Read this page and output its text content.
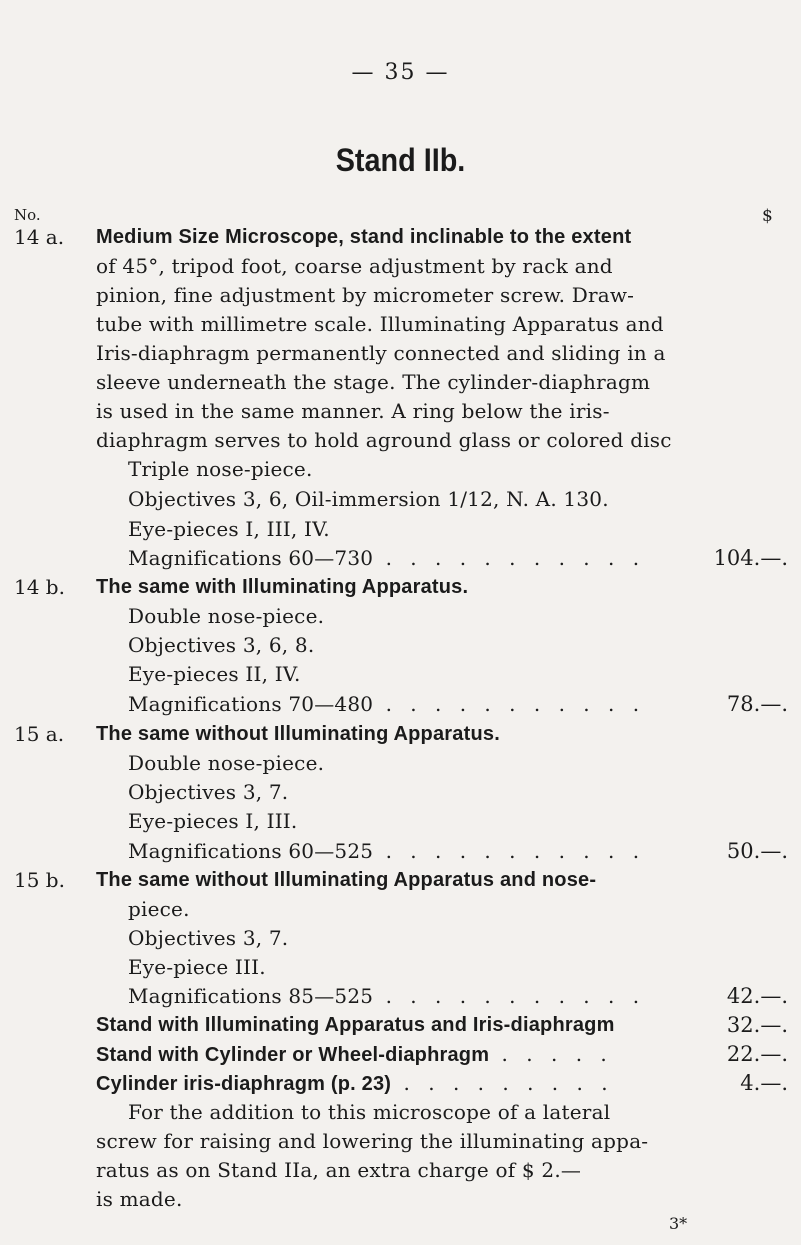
— 35 —
Stand IIb.
No.	$
14 a. Medium Size Microscope, stand inclinable to the extent
of 45°, tripod foot, coarse adjustment by rack and
pinion, fine adjustment by micrometer screw. Draw-
tube with millimetre scale. Illuminating Apparatus and
Iris-diaphragm permanently connected and sliding in a
sleeve underneath the stage. The cylinder-diaphragm
is used in the same manner. A ring below the iris-
diaphragm serves to hold aground glass or colored disc
Triple nose-piece.
Objectives 3, 6, Oil-immersion 1/12, N. A. 130.
Eye-pieces I, III, IV.
Magnifications 60—730 . . . . . . . . . . .	104.—.
14 b. The same with Illuminating Apparatus.
Double nose-piece.
Objectives 3, 6, 8.
Eye-pieces II, IV.
Magnifications 70—480 . . . . . . . . . . .	78.—.
15 a. The same without Illuminating Apparatus.
Double nose-piece.
Objectives 3, 7.
Eye-pieces I, III.
Magnifications 60—525 . . . . . . . . . . .	50.—.
15 b. The same without Illuminating Apparatus and nose-
piece.
Objectives 3, 7.
Eye-piece III.
Magnifications 85—525 . . . . . . . . . . .	42.—.
Stand with Illuminating Apparatus and Iris-diaphragm	32.—.
Stand with Cylinder or Wheel-diaphragm . . . . .	22.—.
Cylinder iris-diaphragm (p. 23) . . . . . . . . .	4.—.
For the addition to this microscope of a lateral
screw for raising and lowering the illuminating appa-
ratus as on Stand IIa, an extra charge of $ 2.—
is made.
3*
